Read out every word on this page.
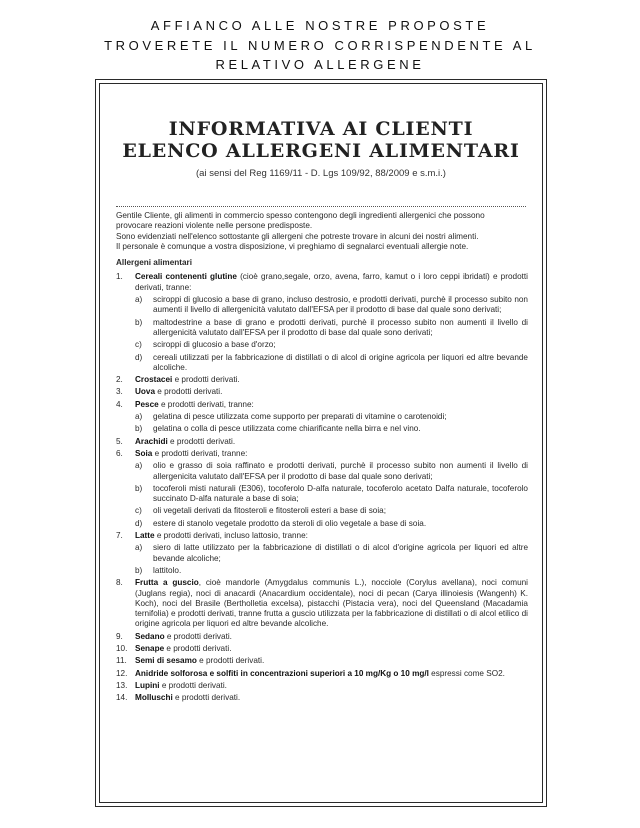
AFFIANCO ALLE NOSTRE PROPOSTE
TROVERETE IL NUMERO CORRISPENDENTE AL
RELATIVO ALLERGENE
INFORMATIVA AI CLIENTI
ELENCO ALLERGENI ALIMENTARI
(ai sensi del Reg 1169/11 - D. Lgs 109/92, 88/2009 e s.m.i.)
Gentile Cliente, gli alimenti in commercio spesso contengono degli ingredienti allergenici che possono
provocare reazioni violente nelle persone predisposte.
Sono evidenziati nell'elenco sottostante gli allergeni che potreste trovare in alcuni dei nostri alimenti.
Il personale è comunque a vostra disposizione, vi preghiamo di segnalarci eventuali allergie note.
Allergeni alimentari
1.	Cereali contenenti glutine (cioè grano,segale, orzo, avena, farro, kamut o i loro ceppi ibridati) e prodotti derivati, tranne:
a)	sciroppi di glucosio a base di grano, incluso destrosio, e prodotti derivati, purchè il processo subito non aumenti il livello di allergenicità valutato dall'EFSA per il prodotto di base dal quale sono derivati;
b)	maltodestrine a base di grano e prodotti derivati, purchè il processo subito non aumenti il livello di allergenicità valutato dall'EFSA per il prodotto di base dal quale sono derivati;
c)	sciroppi di glucosio a base d'orzo;
d)	cereali utilizzati per la fabbricazione di distillati o di alcol di origine agricola per liquori ed altre bevande alcoliche.
2.	Crostacei e prodotti derivati.
3.	Uova e prodotti derivati.
4.	Pesce e prodotti derivati, tranne:
a)	gelatina di pesce utilizzata come supporto per preparati di vitamine o carotenoidi;
b)	gelatina o colla di pesce utilizzata come chiarificante nella birra e nel vino.
5.	Arachidi e prodotti derivati.
6.	Soia e prodotti derivati, tranne:
a)	olio e grasso di soia raffinato e prodotti derivati, purchè il processo subito non aumenti il livello di allergenicita valutato dall'EFSA per il prodotto di base dal quale sono derivati;
b)	tocoferoli misti naturali (E306), tocoferolo D-alfa naturale, tocoferolo acetato Dalfa naturale, tocoferolo succinato D-alfa naturale a base di soia;
c)	oli vegetali derivati da fitosteroli e fitosteroli esteri a base di soia;
d)	estere di stanolo vegetale prodotto da steroli di olio vegetale a base di soia.
7.	Latte e prodotti derivati, incluso lattosio, tranne:
a)	siero di latte utilizzato per la fabbricazione di distillati o di alcol d'origine agricola per liquori ed altre bevande alcoliche;
b)	lattitolo.
8.	Frutta a guscio, cioè mandorle (Amygdalus communis L.), nocciole (Corylus avellana), noci comuni (Juglans regia), noci di anacardi (Anacardium occidentale), noci di pecan (Carya illinoiesis (Wangenh) K. Koch), noci del Brasile (Bertholletia excelsa), pistacchi (Pistacia vera), noci del Queensland (Macadamia ternifolia) e prodotti derivati, tranne frutta a guscio utilizzata per la fabbricazione di distillati o di alcol etilico di origine agricola per liquori ed altre bevande alcoliche.
9.	Sedano e prodotti derivati.
10. Senape e prodotti derivati.
11.	Semi di sesamo e prodotti derivati.
12. Anidride solforosa e solfiti in concentrazioni superiori a 10 mg/Kg o 10 mg/l espressi come SO2.
13. Lupini e prodotti derivati.
14. Molluschi e prodotti derivati.
